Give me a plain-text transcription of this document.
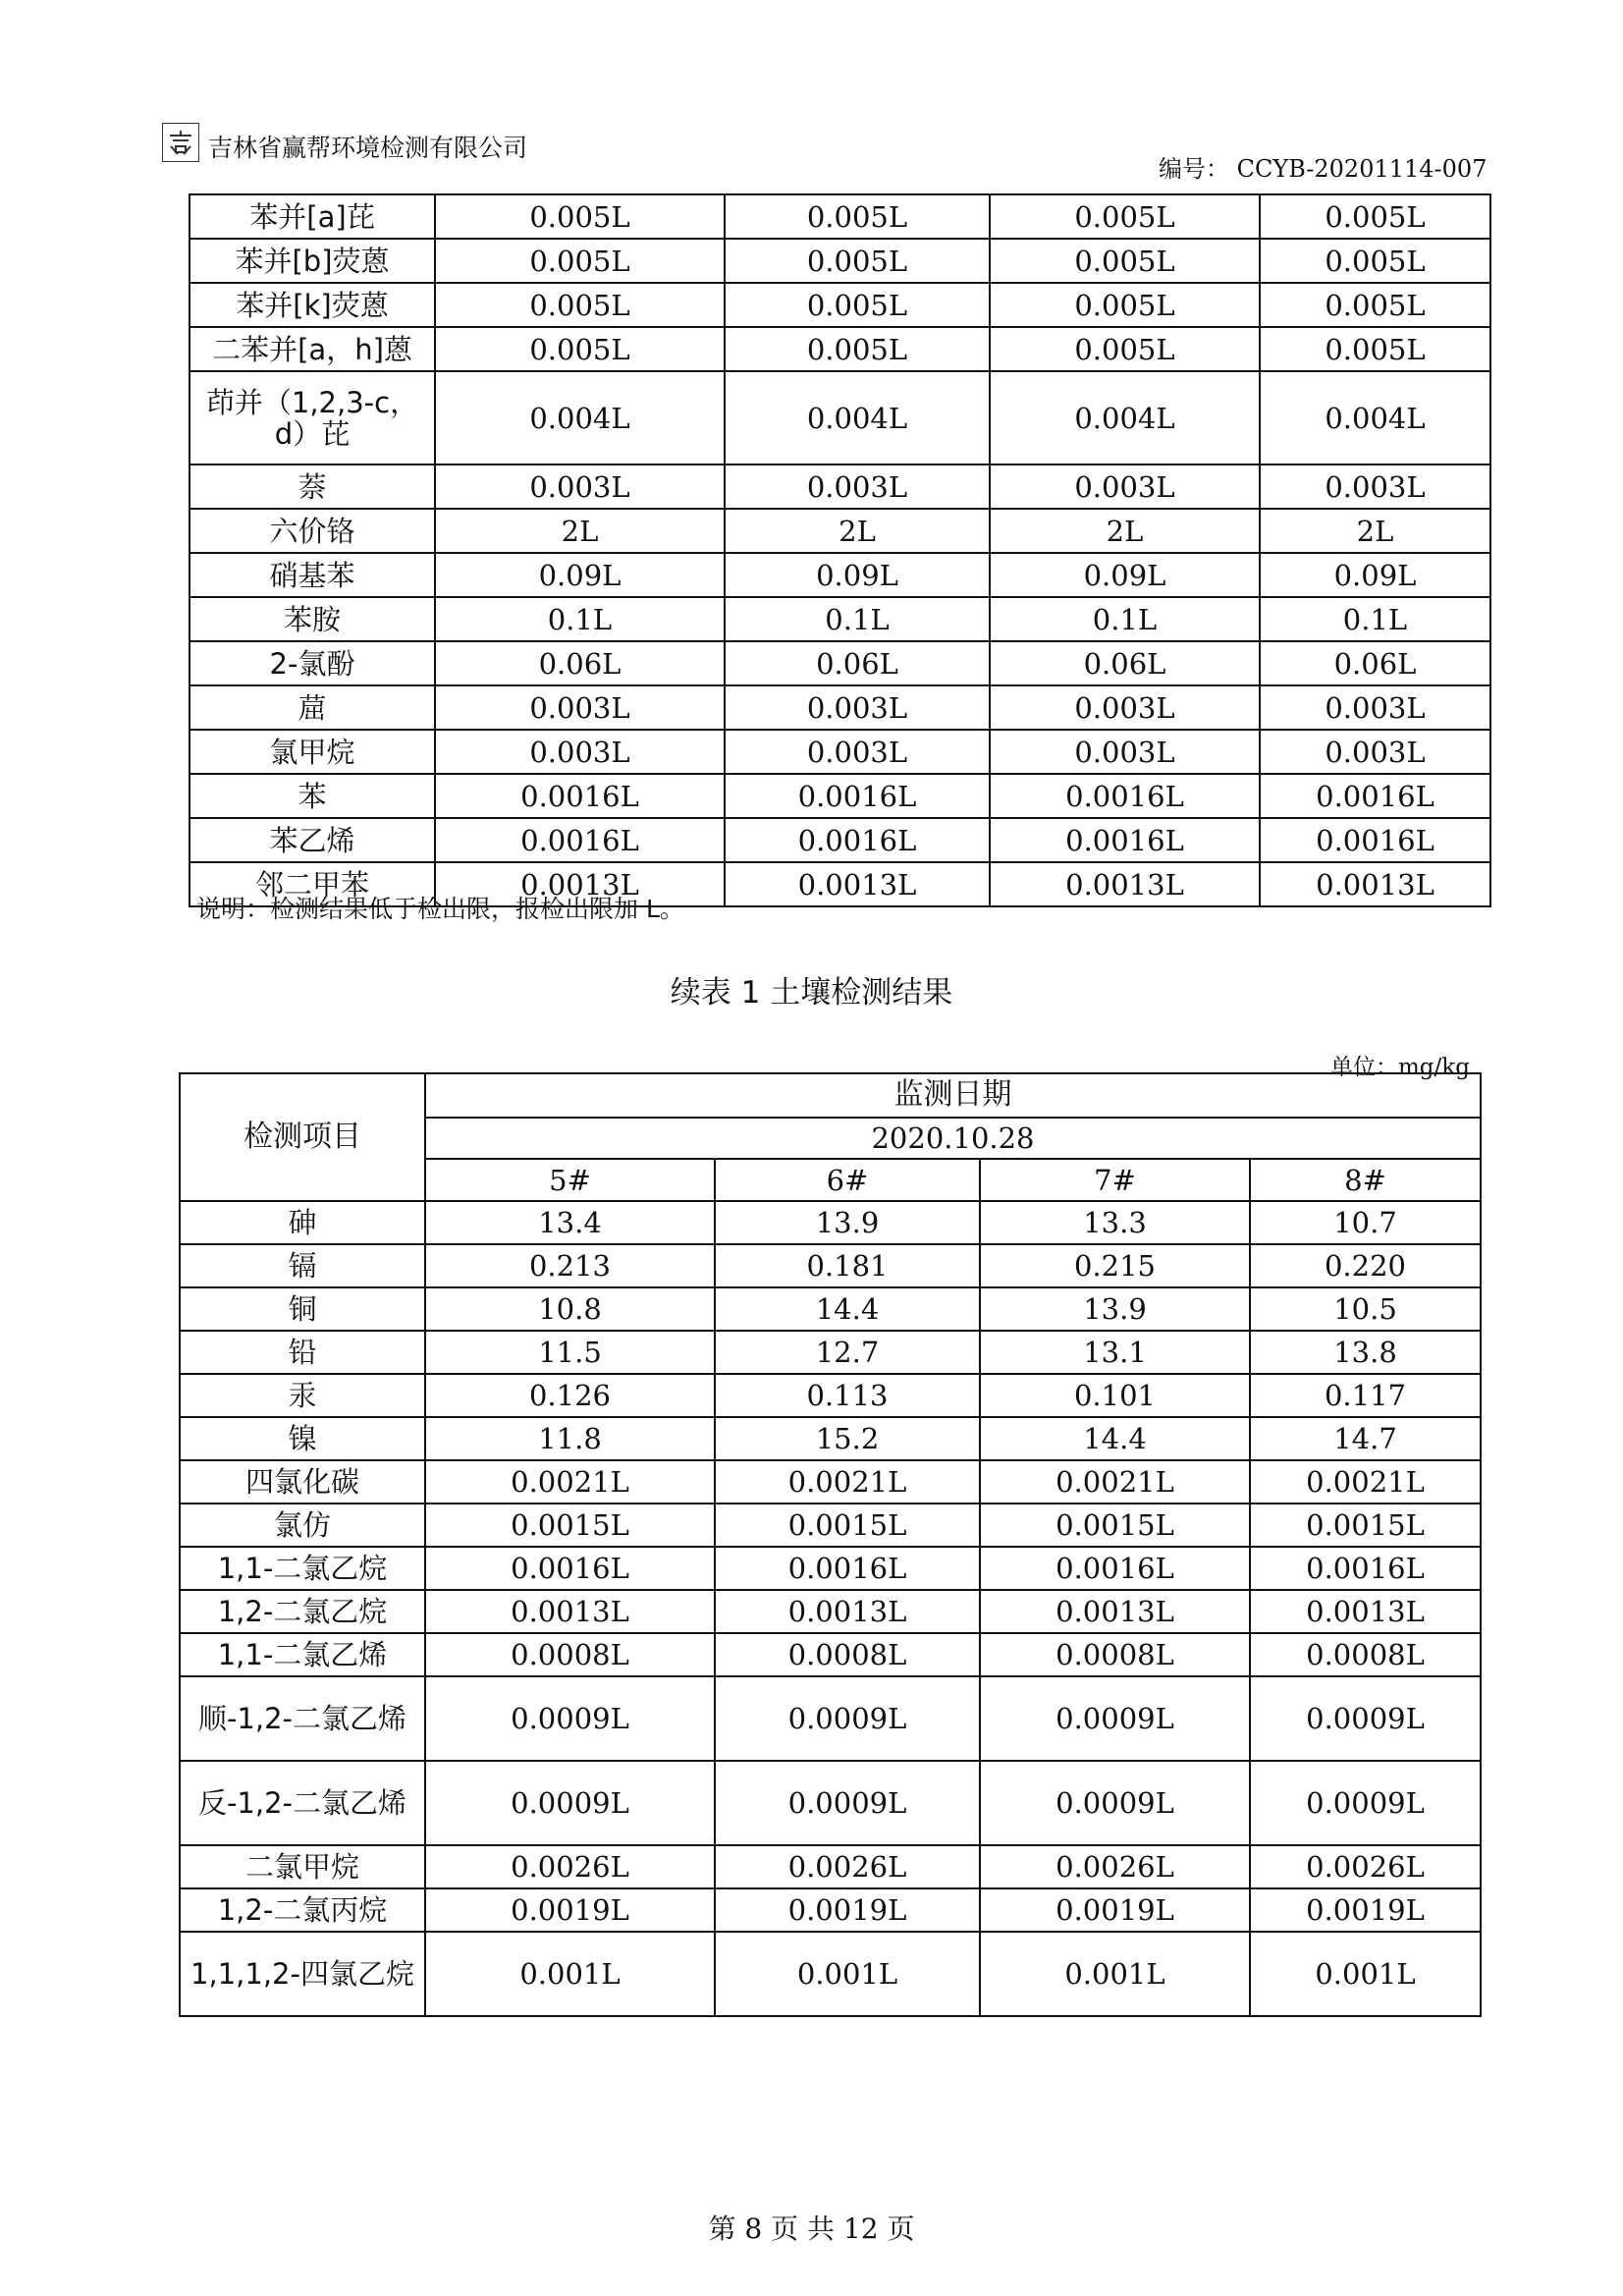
吉林省赢帮环境检测有限公司
编号： CCYB-20201114-007
苯并[a]芘	0.005L	0.005L	0.005L	0.005L
苯并[b]荧蒽	0.005L	0.005L	0.005L	0.005L
苯并[k]荧蒽	0.005L	0.005L	0.005L	0.005L
二苯并[a，h]蒽	0.005L	0.005L	0.005L	0.005L
茚并（1,2,3-c，d）芘	0.004L	0.004L	0.004L	0.004L
萘	0.003L	0.003L	0.003L	0.003L
六价铬	2L	2L	2L	2L
硝基苯	0.09L	0.09L	0.09L	0.09L
苯胺	0.1L	0.1L	0.1L	0.1L
2-氯酚	0.06L	0.06L	0.06L	0.06L
䓛	0.003L	0.003L	0.003L	0.003L
氯甲烷	0.003L	0.003L	0.003L	0.003L
苯	0.0016L	0.0016L	0.0016L	0.0016L
苯乙烯	0.0016L	0.0016L	0.0016L	0.0016L
邻二甲苯	0.0013L	0.0013L	0.0013L	0.0013L
说明：检测结果低于检出限，报检出限加 L。
续表 1 土壤检测结果
单位：mg/kg
检测项目	监测日期			
	2020.10.28			
	5#	6#	7#	8#
砷	13.4	13.9	13.3	10.7
镉	0.213	0.181	0.215	0.220
铜	10.8	14.4	13.9	10.5
铅	11.5	12.7	13.1	13.8
汞	0.126	0.113	0.101	0.117
镍	11.8	15.2	14.4	14.7
四氯化碳	0.0021L	0.0021L	0.0021L	0.0021L
氯仿	0.0015L	0.0015L	0.0015L	0.0015L
1,1-二氯乙烷	0.0016L	0.0016L	0.0016L	0.0016L
1,2-二氯乙烷	0.0013L	0.0013L	0.0013L	0.0013L
1,1-二氯乙烯	0.0008L	0.0008L	0.0008L	0.0008L
顺-1,2-二氯乙烯	0.0009L	0.0009L	0.0009L	0.0009L
反-1,2-二氯乙烯	0.0009L	0.0009L	0.0009L	0.0009L
二氯甲烷	0.0026L	0.0026L	0.0026L	0.0026L
1,2-二氯丙烷	0.0019L	0.0019L	0.0019L	0.0019L
1,1,1,2-四氯乙烷	0.001L	0.001L	0.001L	0.001L
第 8 页 共 12 页
